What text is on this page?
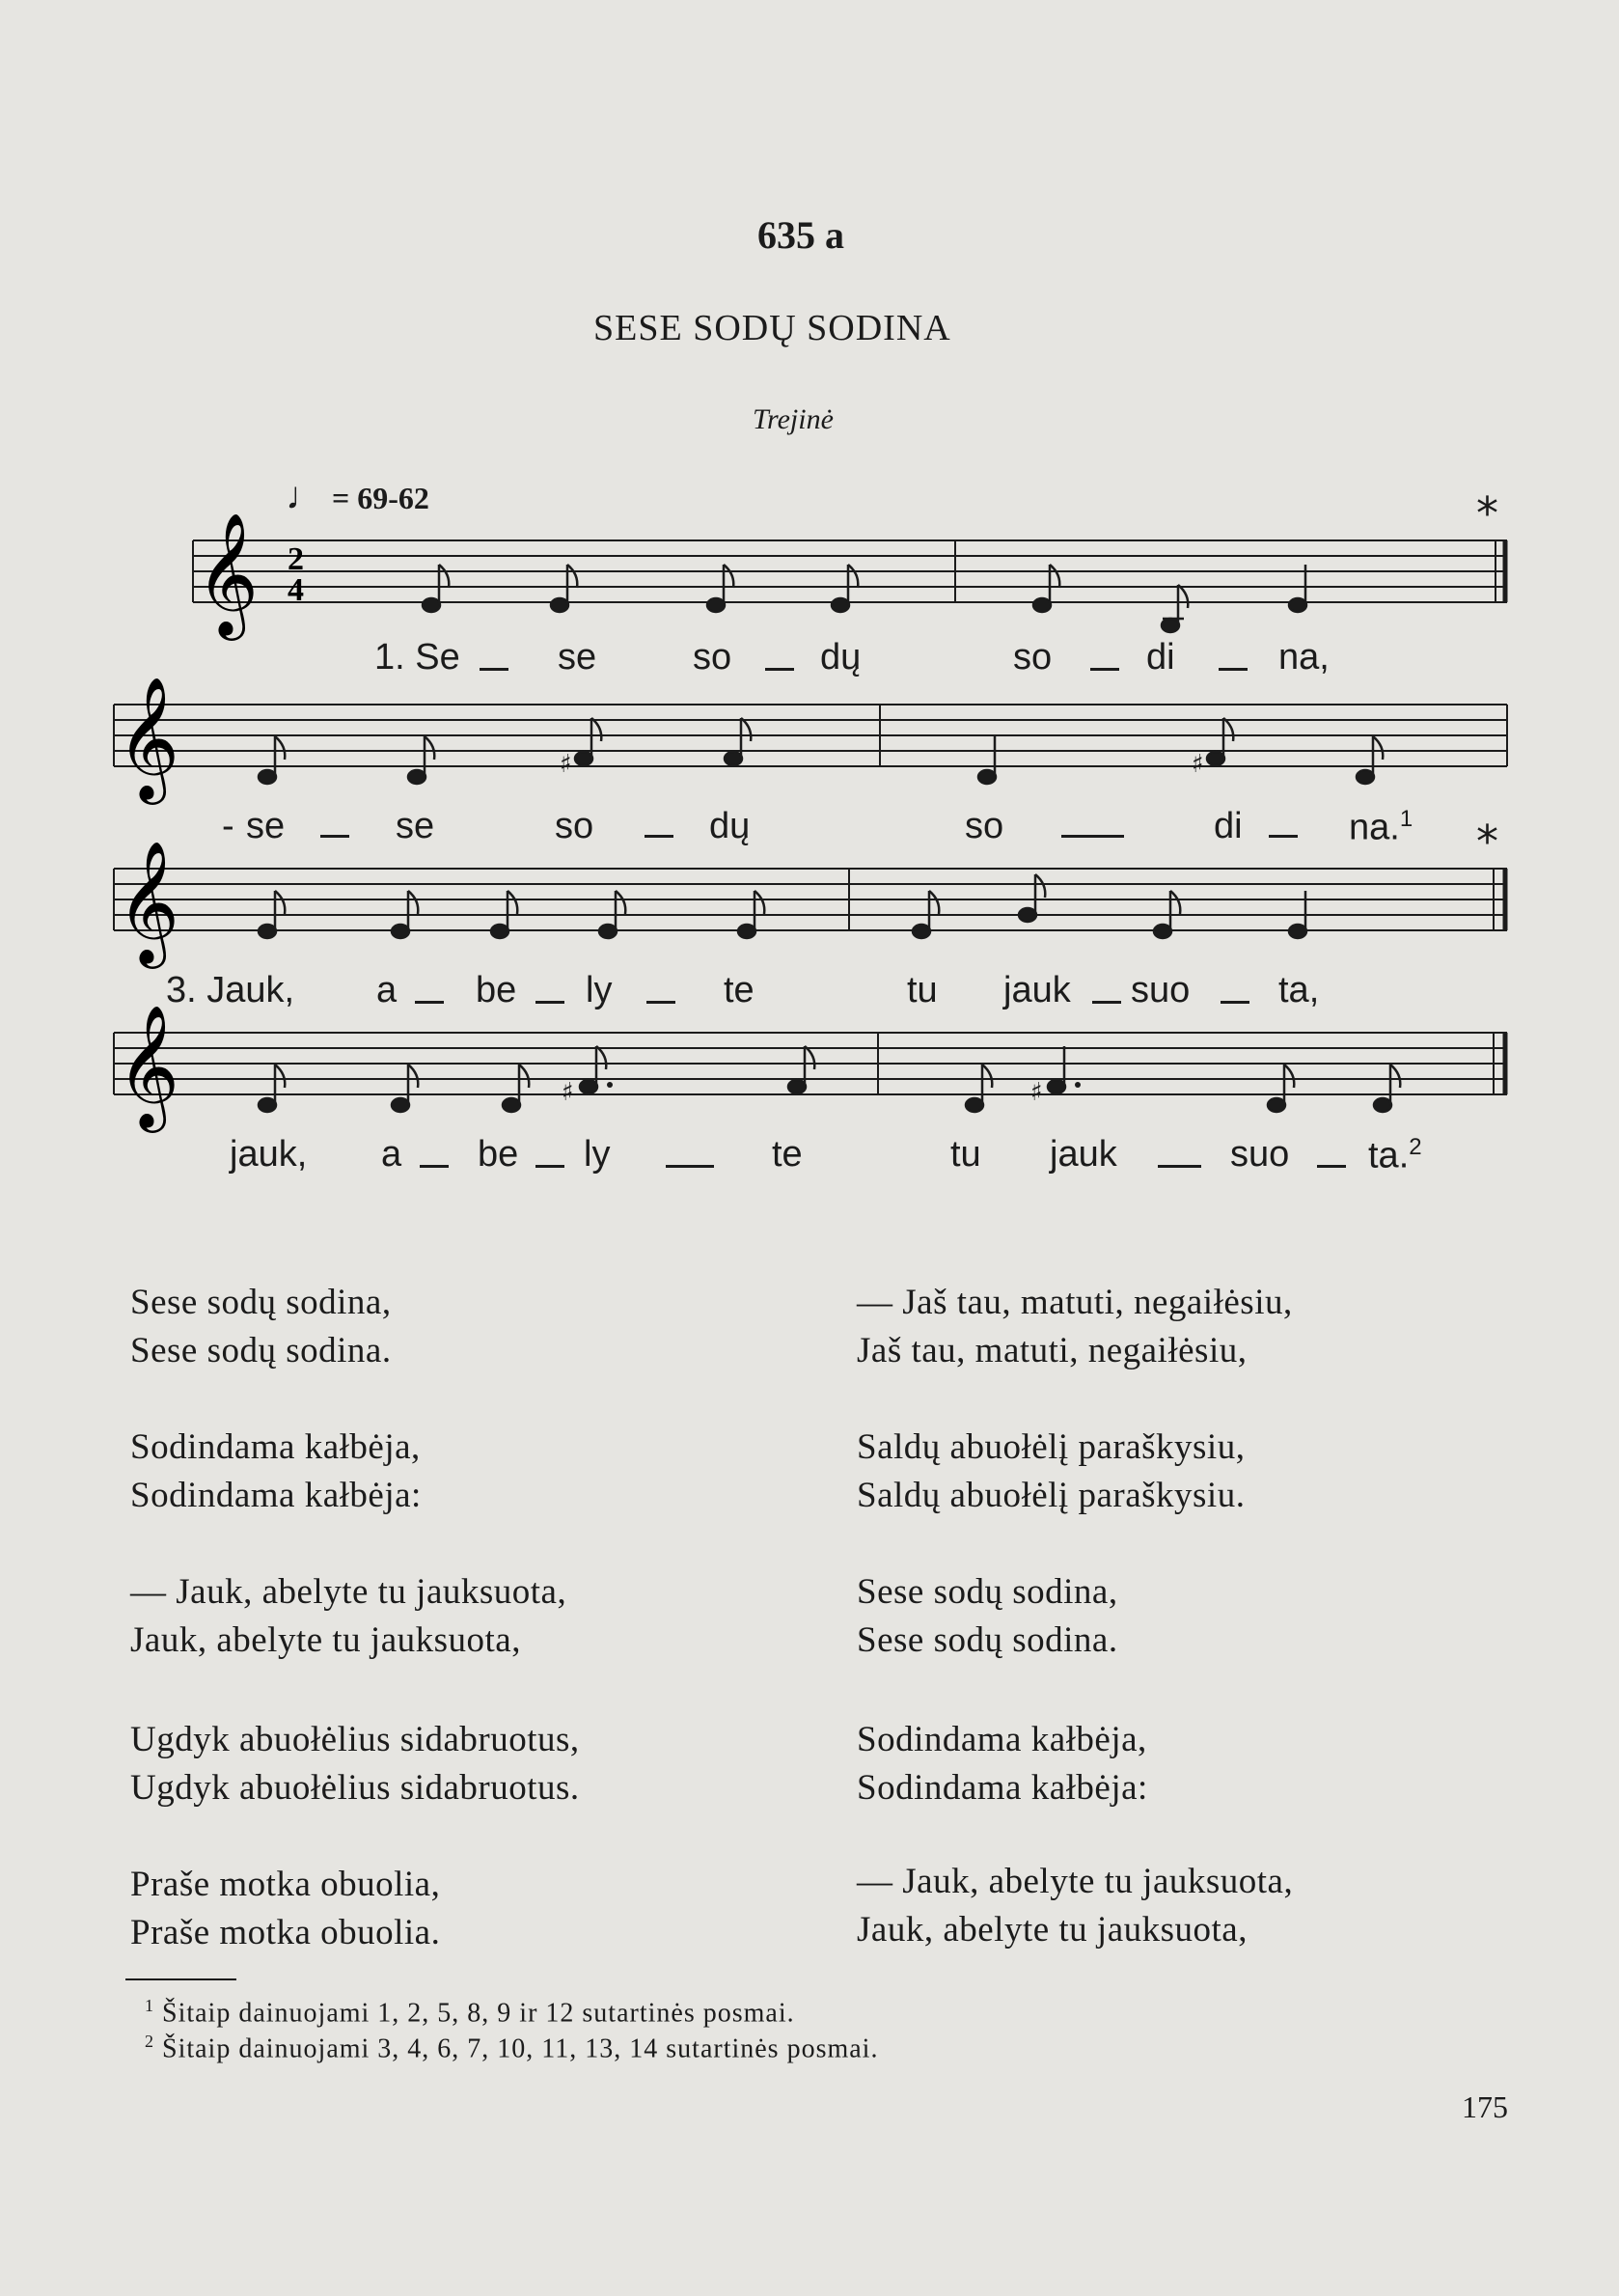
635 a
SESE SODŲ SODINA
Trejinė
♩ = 69-62
𝄞 2
4
𝄞	♯	♯
𝄞
𝄞	♯	♯
1. Se	se	so dų	so	di	na,
*
- se	se	so	dų	so	di	na.$^1$
3. Jauk, a be ly	te	tu jauk suo ta,
*
jauk, a be ly	te	tu jauk	suo ta.$^2$
Sese sodų sodina,
Sese sodų sodina.
Sodindama kałbėja,
Sodindama kałbėja:
— Jauk, abelyte tu jauksuota,
Jauk, abelyte tu jauksuota,
Ugdyk abuołėlius sidabruotus,
Ugdyk abuołėlius sidabruotus.
Praše motka obuolia,
Praše motka obuolia.
— Jaš tau, matuti, negaiłėsiu,
Jaš tau, matuti, negaiłėsiu,
Saldų abuołėlį paraškysiu,
Saldų abuołėlį paraškysiu.
Sese sodų sodina,
Sese sodų sodina.
Sodindama kałbėja,
Sodindama kałbėja:
— Jauk, abelyte tu jauksuota,
Jauk, abelyte tu jauksuota,
$^1$ Šitaip dainuojami 1, 2, 5, 8, 9 ir 12 sutartinės posmai.
$^2$ Šitaip dainuojami 3, 4, 6, 7, 10, 11, 13, 14 sutartinės posmai.
175
